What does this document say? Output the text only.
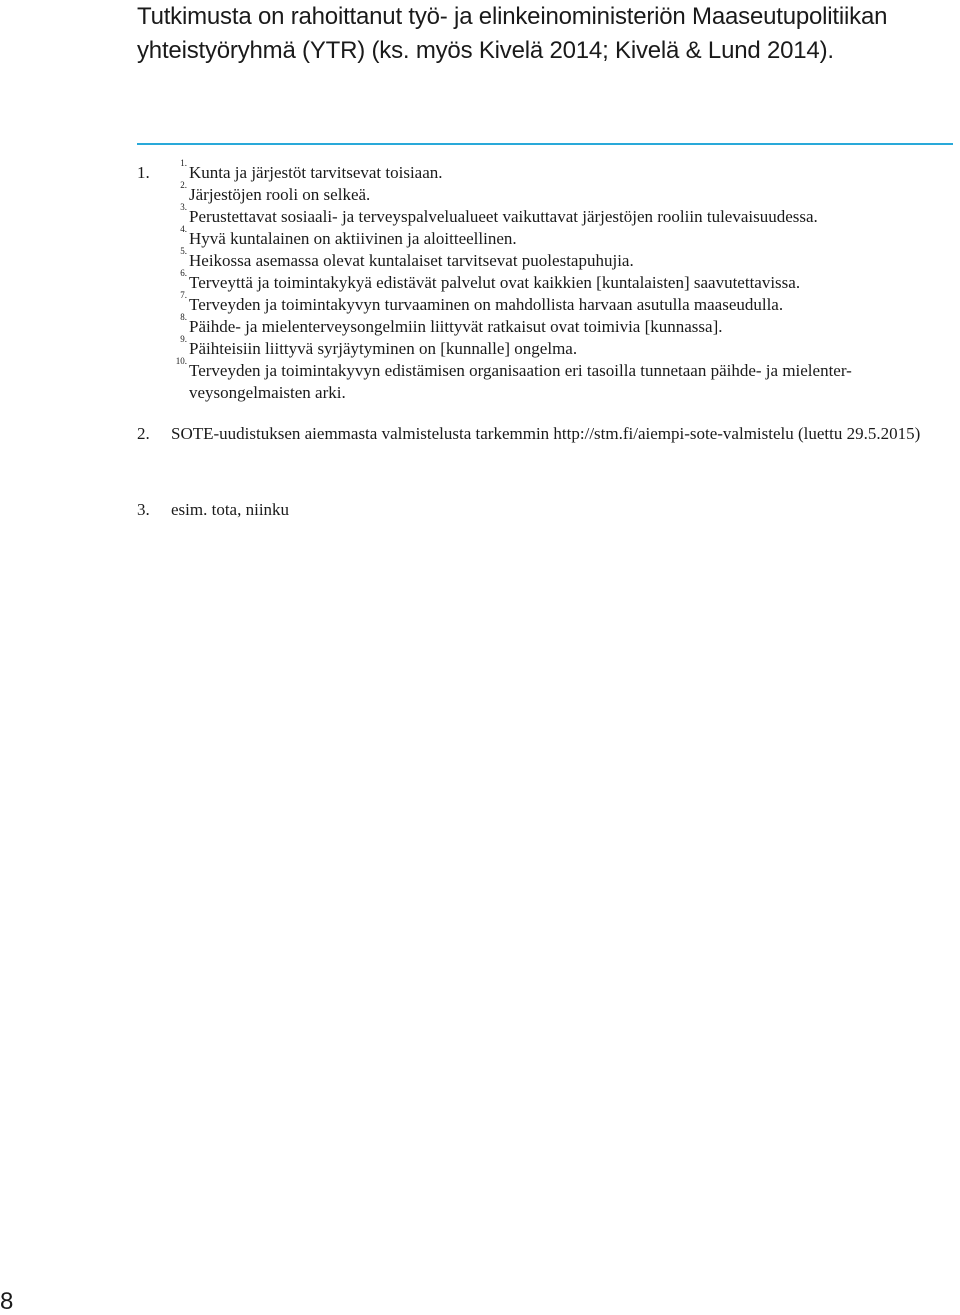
Tutkimusta on rahoittanut työ- ja elinkeinoministeriön Maaseutupolitiikan yhteistyöryhmä (YTR) (ks. myös Kivelä 2014; Kivelä & Lund 2014).

1.	1. Kunta ja järjestöt tarvitsevat toisiaan.
2. Järjestöjen rooli on selkeä.
3. Perustettavat sosiaali- ja terveyspalvelualueet vaikuttavat järjestöjen rooliin tulevaisuudessa.
4. Hyvä kuntalainen on aktiivinen ja aloitteellinen.
5. Heikossa asemassa olevat kuntalaiset tarvitsevat puolestapuhujia.
6. Terveyttä ja toimintakykyä edistävät palvelut ovat kaikkien [kuntalaisten] saavutettavissa.
7. Terveyden ja toimintakyvyn turvaaminen on mahdollista harvaan asutulla maaseudulla.
8. Päihde- ja mielenterveysongelmiin liittyvät ratkaisut ovat toimivia [kunnassa].
9. Päihteisiin liittyvä syrjäytyminen on [kunnalle] ongelma.
10. Terveyden ja toimintakyvyn edistämisen organisaation eri tasoilla tunnetaan päihde- ja mielenter-veysongelmaisten arki.
2. SOTE-uudistuksen aiemmasta valmistelusta tarkemmin http://stm.fi/aiempi-sote-valmistelu (luettu 29.5.2015)
3. esim. tota, niinku
8
